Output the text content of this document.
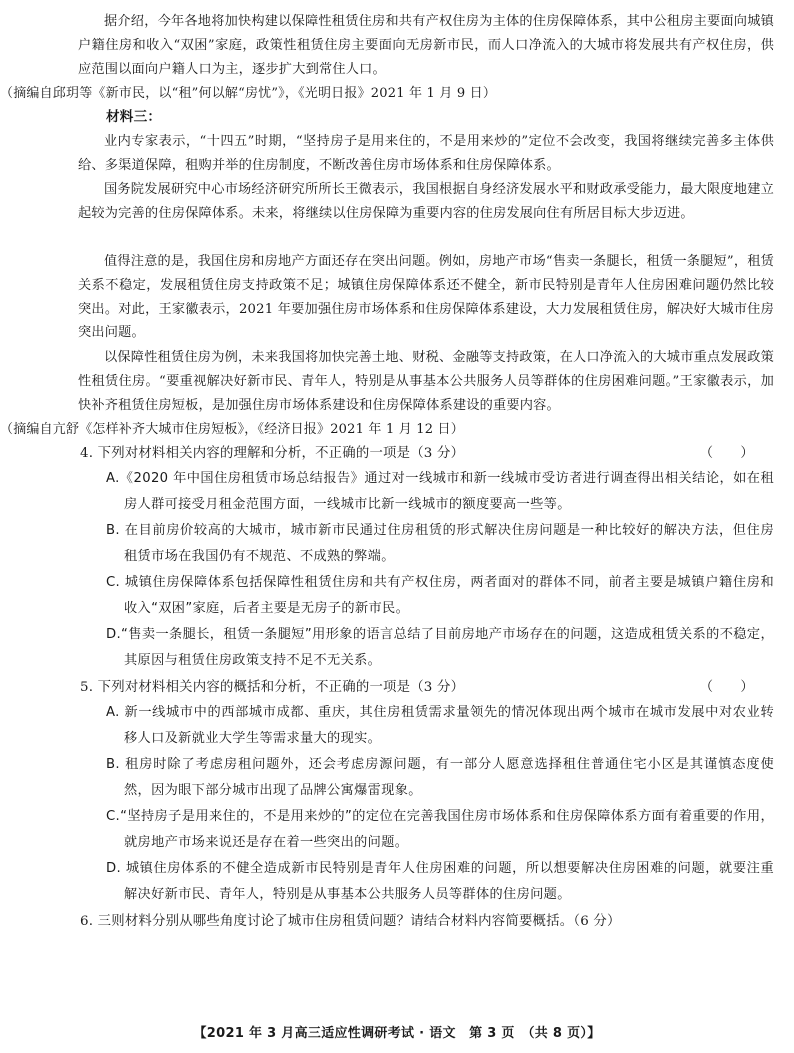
据介绍，今年各地将加快构建以保障性租赁住房和共有产权住房为主体的住房保障体系，其中公租房主要面向城镇户籍住房和收入“双困”家庭，政策性租赁住房主要面向无房新市民，而人口净流入的大城市将发展共有产权住房，供应范围以面向户籍人口为主，逐步扩大到常住人口。

（摘编自邱玥等《新市民，以“租”何以解“房忧”》，《光明日报》2021 年 1 月 9 日）

材料三：

业内专家表示，“十四五”时期，“坚持房子是用来住的，不是用来炒的”定位不会改变，我国将继续完善多主体供给、多渠道保障，租购并举的住房制度，不断改善住房市场体系和住房保障体系。

国务院发展研究中心市场经济研究所所长王微表示，我国根据自身经济发展水平和财政承受能力，最大限度地建立起较为完善的住房保障体系。未来，将继续以住房保障为重要内容的住房发展向住有所居目标大步迈进。

值得注意的是，我国住房和房地产方面还存在突出问题。例如，房地产市场“售卖一条腿长，租赁一条腿短”，租赁关系不稳定，发展租赁住房支持政策不足；城镇住房保障体系还不健全，新市民特别是青年人住房困难问题仍然比较突出。对此，王家徽表示，2021 年要加强住房市场体系和住房保障体系建设，大力发展租赁住房，解决好大城市住房突出问题。

以保障性租赁住房为例，未来我国将加快完善土地、财税、金融等支持政策，在人口净流入的大城市重点发展政策性租赁住房。“要重视解决好新市民、青年人，特别是从事基本公共服务人员等群体的住房困难问题。”王家徽表示，加快补齐租赁住房短板，是加强住房市场体系建设和住房保障体系建设的重要内容。

（摘编自亢舒《怎样补齐大城市住房短板》，《经济日报》2021 年 1 月 12 日）

4. 下列对材料相关内容的理解和分析，不正确的一项是（3 分）	（　　）

A.《2020 年中国住房租赁市场总结报告》通过对一线城市和新一线城市受访者进行调查得出相关结论，如在租房人群可接受月租金范围方面，一线城市比新一线城市的额度要高一些等。

B. 在目前房价较高的大城市，城市新市民通过住房租赁的形式解决住房问题是一种比较好的解决方法，但住房租赁市场在我国仍有不规范、不成熟的弊端。

C. 城镇住房保障体系包括保障性租赁住房和共有产权住房，两者面对的群体不同，前者主要是城镇户籍住房和收入“双困”家庭，后者主要是无房子的新市民。

D.“售卖一条腿长，租赁一条腿短”用形象的语言总结了目前房地产市场存在的问题，这造成租赁关系的不稳定，其原因与租赁住房政策支持不足不无关系。

5. 下列对材料相关内容的概括和分析，不正确的一项是（3 分）	（　　）

A. 新一线城市中的西部城市成都、重庆，其住房租赁需求量领先的情况体现出两个城市在城市发展中对农业转移人口及新就业大学生等需求量大的现实。

B. 租房时除了考虑房租问题外，还会考虑房源问题，有一部分人愿意选择租住普通住宅小区是其谨慎态度使然，因为眼下部分城市出现了品牌公寓爆雷现象。

C.“坚持房子是用来住的，不是用来炒的”的定位在完善我国住房市场体系和住房保障体系方面有着重要的作用，就房地产市场来说还是存在着一些突出的问题。

D. 城镇住房体系的不健全造成新市民特别是青年人住房困难的问题，所以想要解决住房困难的问题，就要注重解决好新市民、青年人，特别是从事基本公共服务人员等群体的住房问题。

6. 三则材料分别从哪些角度讨论了城市住房租赁问题？请结合材料内容简要概括。（6 分）
【2021 年 3 月高三适应性调研考试 · 语文　第 3 页　（共 8 页）】
